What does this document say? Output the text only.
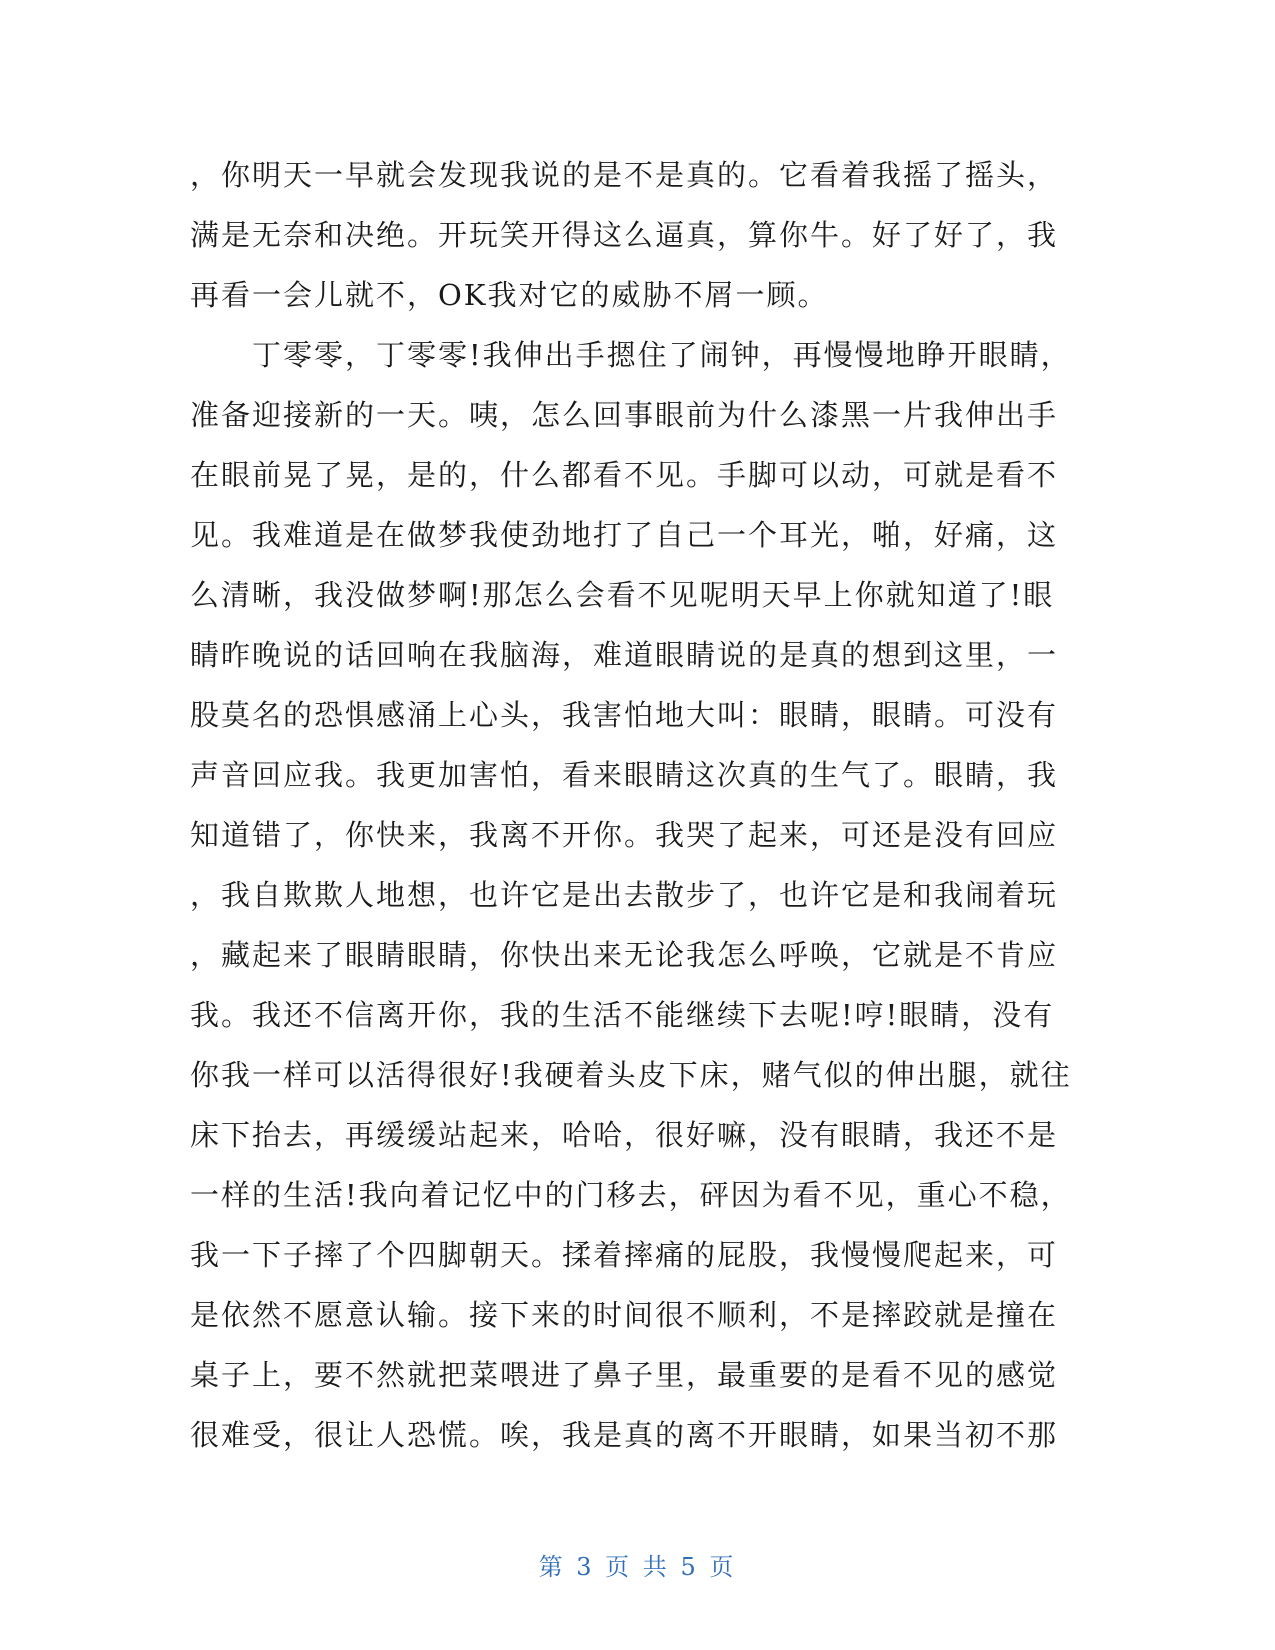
，你明天一早就会发现我说的是不是真的。它看着我摇了摇头，
满是无奈和决绝。开玩笑开得这么逼真，算你牛。好了好了，我
再看一会儿就不，OK我对它的威胁不屑一顾。
　　丁零零，丁零零!我伸出手摁住了闹钟，再慢慢地睁开眼睛，
准备迎接新的一天。咦，怎么回事眼前为什么漆黑一片我伸出手
在眼前晃了晃，是的，什么都看不见。手脚可以动，可就是看不
见。我难道是在做梦我使劲地打了自己一个耳光，啪，好痛，这
么清晰，我没做梦啊!那怎么会看不见呢明天早上你就知道了!眼
睛昨晚说的话回响在我脑海，难道眼睛说的是真的想到这里，一
股莫名的恐惧感涌上心头，我害怕地大叫：眼睛，眼睛。可没有
声音回应我。我更加害怕，看来眼睛这次真的生气了。眼睛，我
知道错了，你快来，我离不开你。我哭了起来，可还是没有回应
，我自欺欺人地想，也许它是出去散步了，也许它是和我闹着玩
，藏起来了眼睛眼睛，你快出来无论我怎么呼唤，它就是不肯应
我。我还不信离开你，我的生活不能继续下去呢!哼!眼睛，没有
你我一样可以活得很好!我硬着头皮下床，赌气似的伸出腿，就往
床下抬去，再缓缓站起来，哈哈，很好嘛，没有眼睛，我还不是
一样的生活!我向着记忆中的门移去，砰因为看不见，重心不稳，
我一下子摔了个四脚朝天。揉着摔痛的屁股，我慢慢爬起来，可
是依然不愿意认输。接下来的时间很不顺利，不是摔跤就是撞在
桌子上，要不然就把菜喂进了鼻子里，最重要的是看不见的感觉
很难受，很让人恐慌。唉，我是真的离不开眼睛，如果当初不那
第 3 页 共 5 页
